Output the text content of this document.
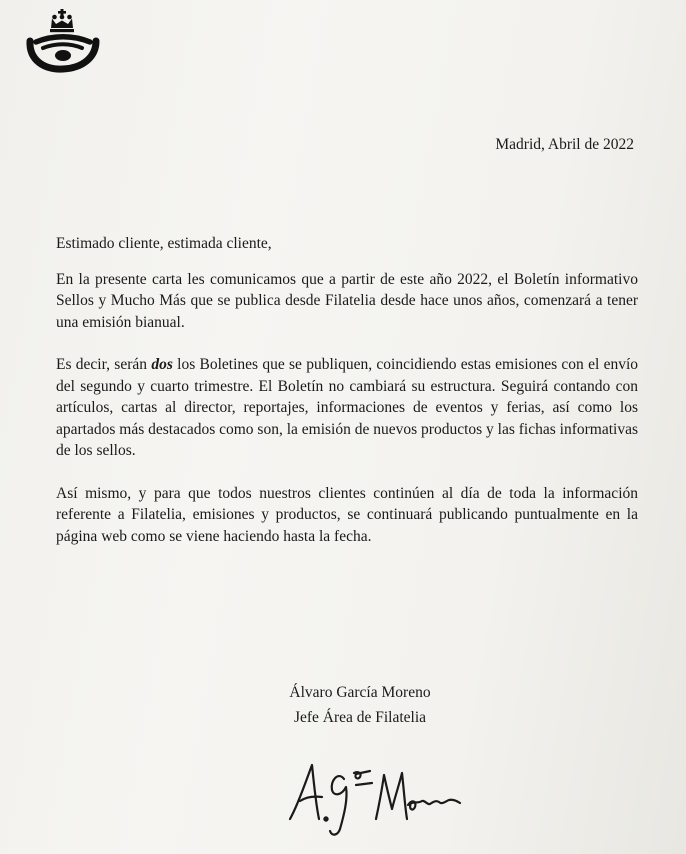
Madrid, Abril de 2022

Estimado cliente, estimada cliente,

En la presente carta les comunicamos que a partir de este año 2022, el Boletín informativo Sellos y Mucho Más que se publica desde Filatelia desde hace unos años, comenzará a tener una emisión bianual.

Es decir, serán dos los Boletines que se publiquen, coincidiendo estas emisiones con el envío del segundo y cuarto trimestre. El Boletín no cambiará su estructura. Seguirá contando con artículos, cartas al director, reportajes, informaciones de eventos y ferias, así como los apartados más destacados como son, la emisión de nuevos productos y las fichas informativas de los sellos.

Así mismo, y para que todos nuestros clientes continúen al día de toda la información referente a Filatelia, emisiones y productos, se continuará publicando puntualmente en la página web como se viene haciendo hasta la fecha.

Álvaro García Moreno
Jefe Área de Filatelia
